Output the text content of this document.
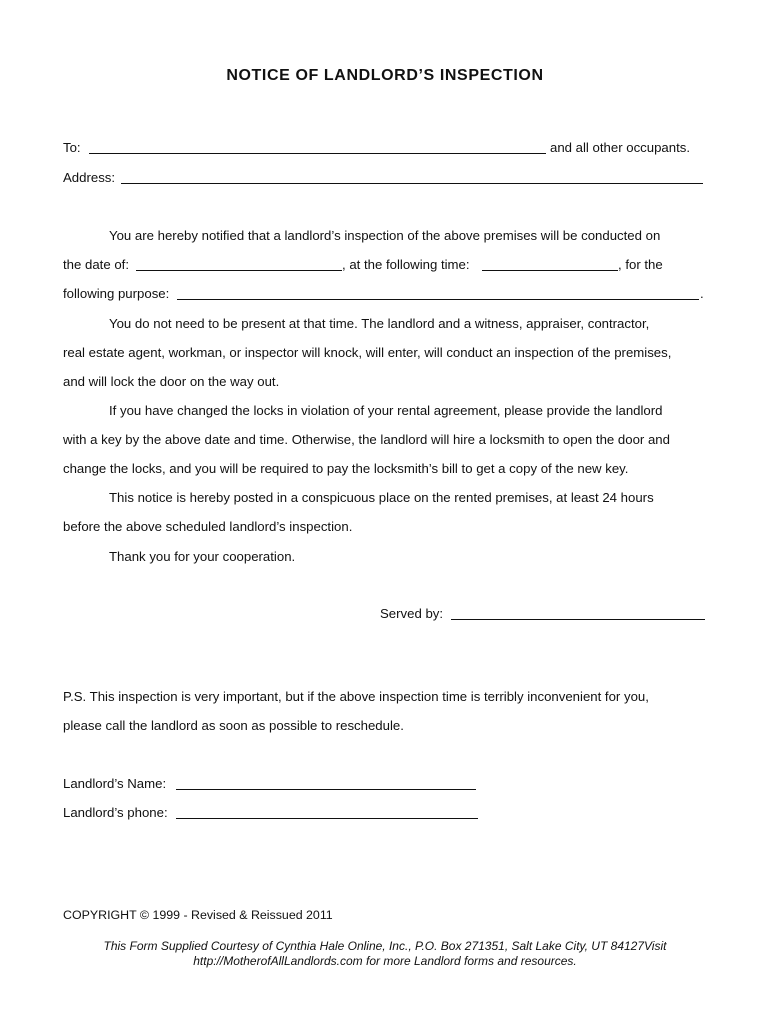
NOTICE OF LANDLORD’S INSPECTION
To:	and all other occupants.
Address:
You are hereby notified that a landlord’s inspection of the above premises will be conducted on
the date of:	, at the following time:	, for the
following purpose:	.
You do not need to be present at that time. The landlord and a witness, appraiser, contractor,
real estate agent, workman, or inspector will knock, will enter, will conduct an inspection of the premises,
and will lock the door on the way out.
If you have changed the locks in violation of your rental agreement, please provide the landlord
with a key by the above date and time. Otherwise, the landlord will hire a locksmith to open the door and
change the locks, and you will be required to pay the locksmith’s bill to get a copy of the new key.
This notice is hereby posted in a conspicuous place on the rented premises, at least 24 hours
before the above scheduled landlord’s inspection.
Thank you for your cooperation.
Served by:
P.S. This inspection is very important, but if the above inspection time is terribly inconvenient for you,
please call the landlord as soon as possible to reschedule.
Landlord’s Name:
Landlord’s phone:
COPYRIGHT © 1999 - Revised & Reissued 2011
This Form Supplied Courtesy of Cynthia Hale Online, Inc., P.O. Box 271351, Salt Lake City, UT 84127Visit
http://MotherofAllLandlords.com for more Landlord forms and resources.
